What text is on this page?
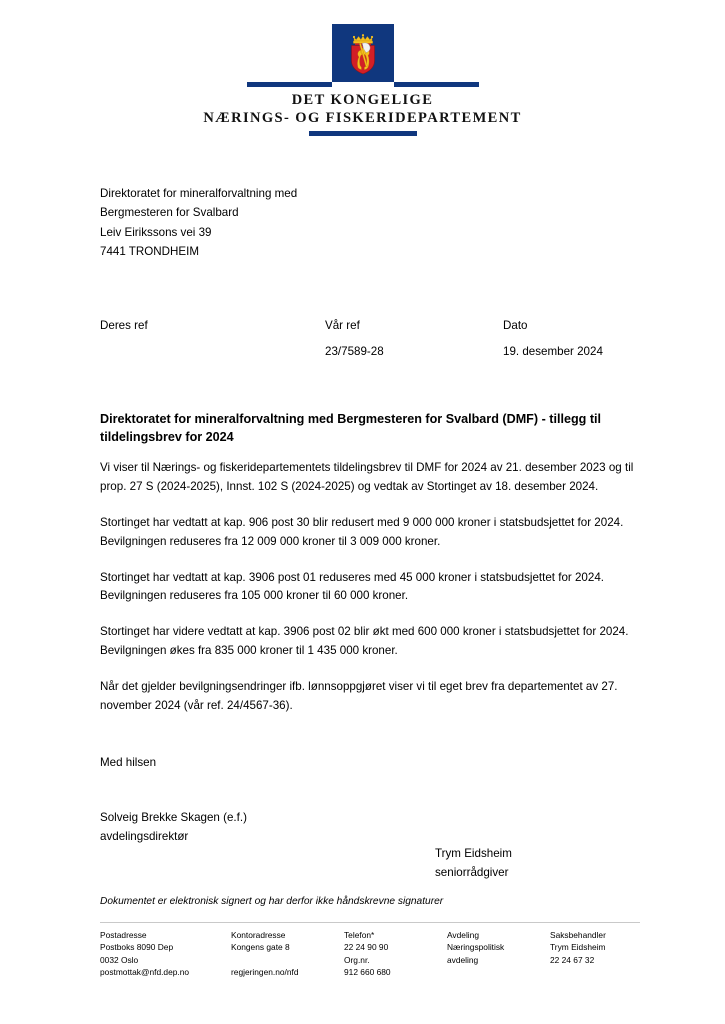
DET KONGELIGE
NÆRINGS- OG FISKERIDEPARTEMENT
Direktoratet for mineralforvaltning med
Bergmesteren for Svalbard
Leiv Eirikssons vei 39
7441 TRONDHEIM
Deres ref	Vår ref
23/7589-28
Dato
19. desember 2024
Direktoratet for mineralforvaltning med Bergmesteren for Svalbard (DMF) - tillegg til tildelingsbrev for 2024

Vi viser til Nærings- og fiskeridepartementets tildelingsbrev til DMF for 2024 av 21. desember 2023 og til prop. 27 S (2024-2025), Innst. 102 S (2024-2025) og vedtak av Stortinget av 18. desember 2024.

Stortinget har vedtatt at kap. 906 post 30 blir redusert med 9 000 000 kroner i statsbudsjettet for 2024. Bevilgningen reduseres fra 12 009 000 kroner til 3 009 000 kroner.

Stortinget har vedtatt at kap. 3906 post 01 reduseres med 45 000 kroner i statsbudsjettet for 2024. Bevilgningen reduseres fra 105 000 kroner til 60 000 kroner.

Stortinget har videre vedtatt at kap. 3906 post 02 blir økt med 600 000 kroner i statsbudsjettet for 2024. Bevilgningen økes fra 835 000 kroner til 1 435 000 kroner.

Når det gjelder bevilgningsendringer ifb. lønnsoppgjøret viser vi til eget brev fra departementet av 27. november 2024 (vår ref. 24/4567-36).

Med hilsen
Solveig Brekke Skagen (e.f.)
avdelingsdirektør
Trym Eidsheim
seniorrådgiver
Dokumentet er elektronisk signert og har derfor ikke håndskrevne signaturer
Postadresse
Postboks 8090 Dep
0032 Oslo
postmottak@nfd.dep.no
Kontoradresse
Kongens gate 8

regjeringen.no/nfd
Telefon*
22 24 90 90
Org.nr.
912 660 680
Avdeling
Næringspolitisk
avdeling
Saksbehandler
Trym Eidsheim
22 24 67 32
